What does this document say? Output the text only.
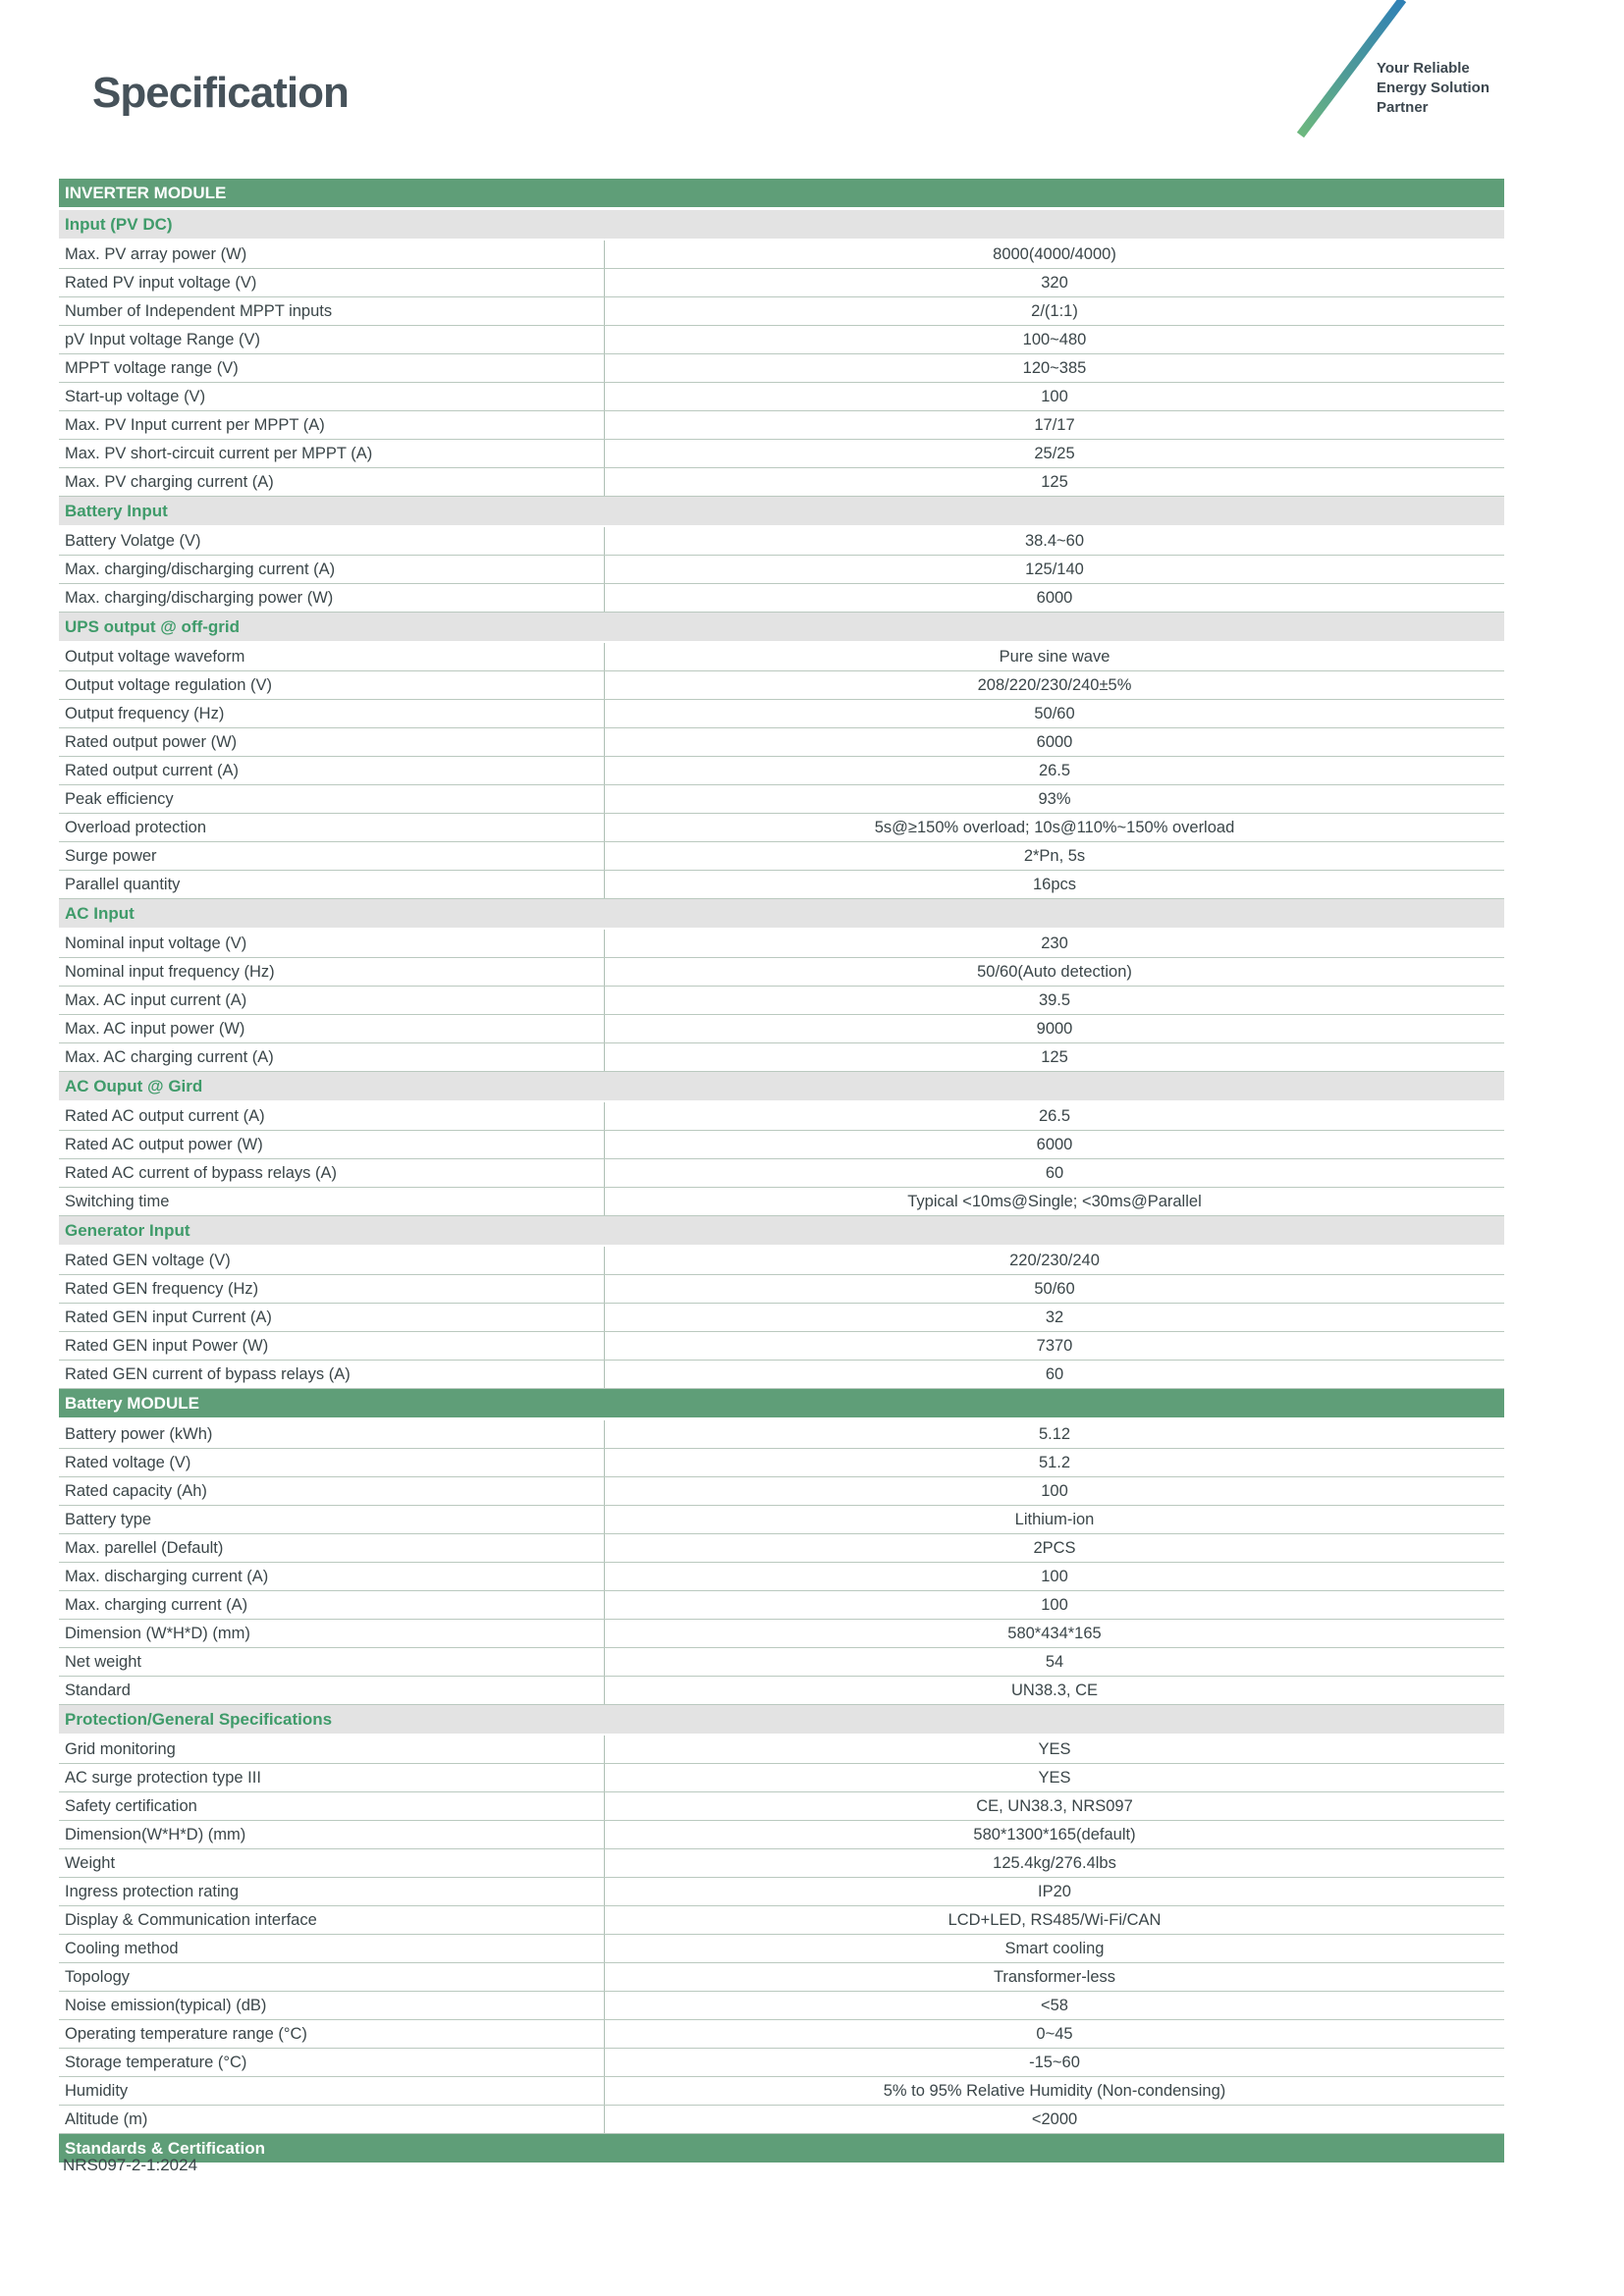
Specification
Your Reliable
Energy Solution
Partner
INVERTER MODULE
Input (PV DC)
Max. PV array power (W)	8000(4000/4000)
Rated PV input voltage (V)	320
Number of Independent MPPT inputs	2/(1:1)
pV Input voltage Range (V)	100~480
MPPT voltage range (V)	120~385
Start-up voltage (V)	100
Max. PV Input current per MPPT (A)	17/17
Max. PV short-circuit current per MPPT (A)	25/25
Max. PV charging current (A)	125
Battery Input
Battery Volatge (V)	38.4~60
Max. charging/discharging current (A)	125/140
Max. charging/discharging power (W)	6000
UPS output @ off-grid
Output voltage waveform	Pure sine wave
Output voltage regulation (V)	208/220/230/240±5%
Output frequency (Hz)	50/60
Rated output power (W)	6000
Rated output current (A)	26.5
Peak efficiency	93%
Overload protection	5s@≥150% overload; 10s@110%~150% overload
Surge power	2*Pn, 5s
Parallel quantity	16pcs
AC Input
Nominal input voltage (V)	230
Nominal input frequency (Hz)	50/60(Auto detection)
Max. AC input current (A)	39.5
Max. AC input power (W)	9000
Max. AC charging current (A)	125
AC Ouput @ Gird
Rated AC output current (A)	26.5
Rated AC output power (W)	6000
Rated AC current of bypass relays (A)	60
Switching time	Typical <10ms@Single; <30ms@Parallel
Generator Input
Rated GEN voltage (V)	220/230/240
Rated GEN frequency (Hz)	50/60
Rated GEN input Current (A)	32
Rated GEN input Power (W)	7370
Rated GEN current of bypass relays (A)	60
Battery MODULE
Battery power (kWh)	5.12
Rated voltage (V)	51.2
Rated capacity (Ah)	100
Battery type	Lithium-ion
Max. parellel (Default)	2PCS
Max. discharging current (A)	100
Max. charging current (A)	100
Dimension (W*H*D) (mm)	580*434*165
Net weight	54
Standard	UN38.3, CE
Protection/General Specifications
Grid monitoring	YES
AC surge protection type III	YES
Safety certification	CE, UN38.3, NRS097
Dimension(W*H*D) (mm)	580*1300*165(default)
Weight	125.4kg/276.4lbs
Ingress protection rating	IP20
Display & Communication interface	LCD+LED, RS485/Wi-Fi/CAN
Cooling method	Smart cooling
Topology	Transformer-less
Noise emission(typical) (dB)	<58
Operating temperature range (°C)	0~45
Storage temperature (°C)	-15~60
Humidity	5% to 95% Relative Humidity (Non-condensing)
Altitude (m)	<2000
Standards & Certification
NRS097-2-1:2024
